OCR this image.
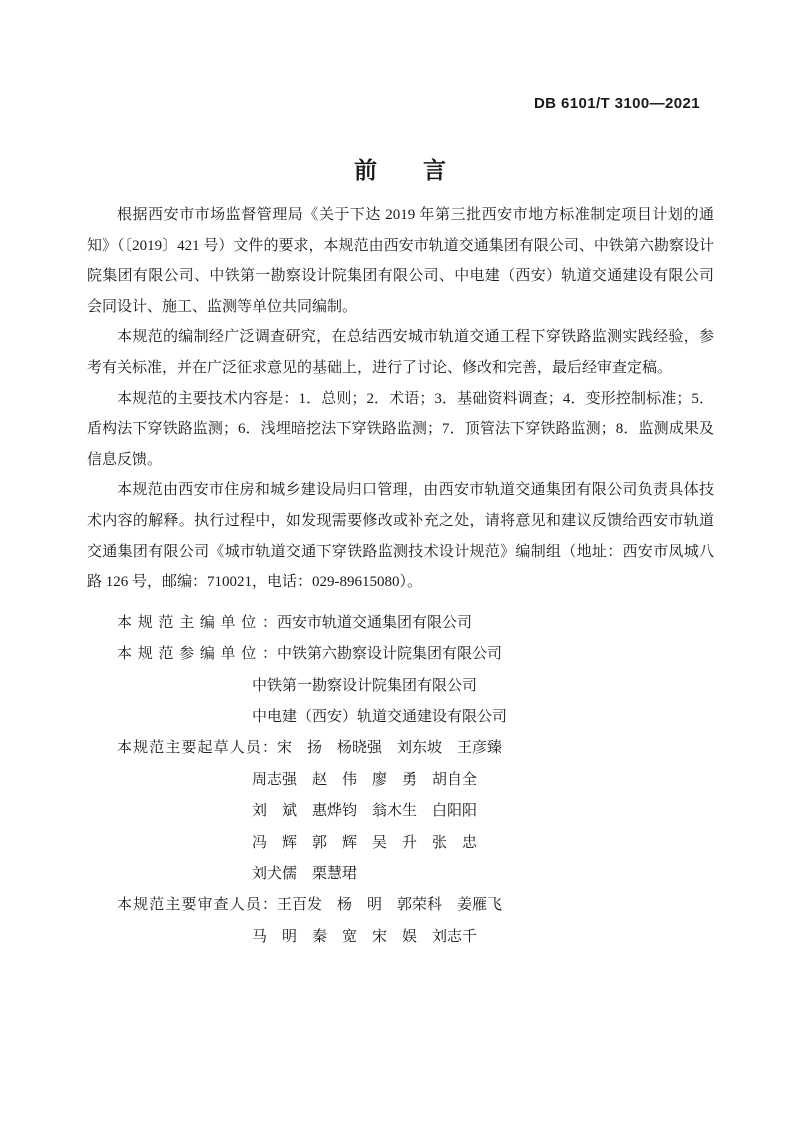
DB 6101/T 3100—2021
前　　言

根据西安市市场监督管理局《关于下达 2019 年第三批西安市地方标准制定项目计划的通知》（〔2019〕421 号）文件的要求，本规范由西安市轨道交通集团有限公司、中铁第六勘察设计院集团有限公司、中铁第一勘察设计院集团有限公司、中电建（西安）轨道交通建设有限公司会同设计、施工、监测等单位共同编制。

本规范的编制经广泛调查研究，在总结西安城市轨道交通工程下穿铁路监测实践经验，参考有关标准，并在广泛征求意见的基础上，进行了讨论、修改和完善，最后经审查定稿。

本规范的主要技术内容是：1．总则；2．术语；3．基础资料调查；4．变形控制标准；5．盾构法下穿铁路监测；6．浅埋暗挖法下穿铁路监测；7．顶管法下穿铁路监测；8．监测成果及信息反馈。

本规范由西安市住房和城乡建设局归口管理，由西安市轨道交通集团有限公司负责具体技术内容的解释。执行过程中，如发现需要修改或补充之处，请将意见和建议反馈给西安市轨道交通集团有限公司《城市轨道交通下穿铁路监测技术设计规范》编制组（地址：西安市凤城八路 126 号，邮编：710021，电话：029-89615080）。

本规范主编单位： 西安市轨道交通集团有限公司
本规范参编单位： 中铁第六勘察设计院集团有限公司
中铁第一勘察设计院集团有限公司
中电建（西安）轨道交通建设有限公司
本规范主要起草人员： 宋　扬　杨晓强　刘东坡　王彦臻
周志强　赵　伟　廖　勇　胡自全
刘　斌　惠烨钧　翁木生　白阳阳
冯　辉　郭　辉　吴　升　张　忠
刘犬儒　栗慧珺
本规范主要审查人员： 王百发　杨　明　郭荣科　姜雁飞
马　明　秦　宽　宋　娱　刘志千
